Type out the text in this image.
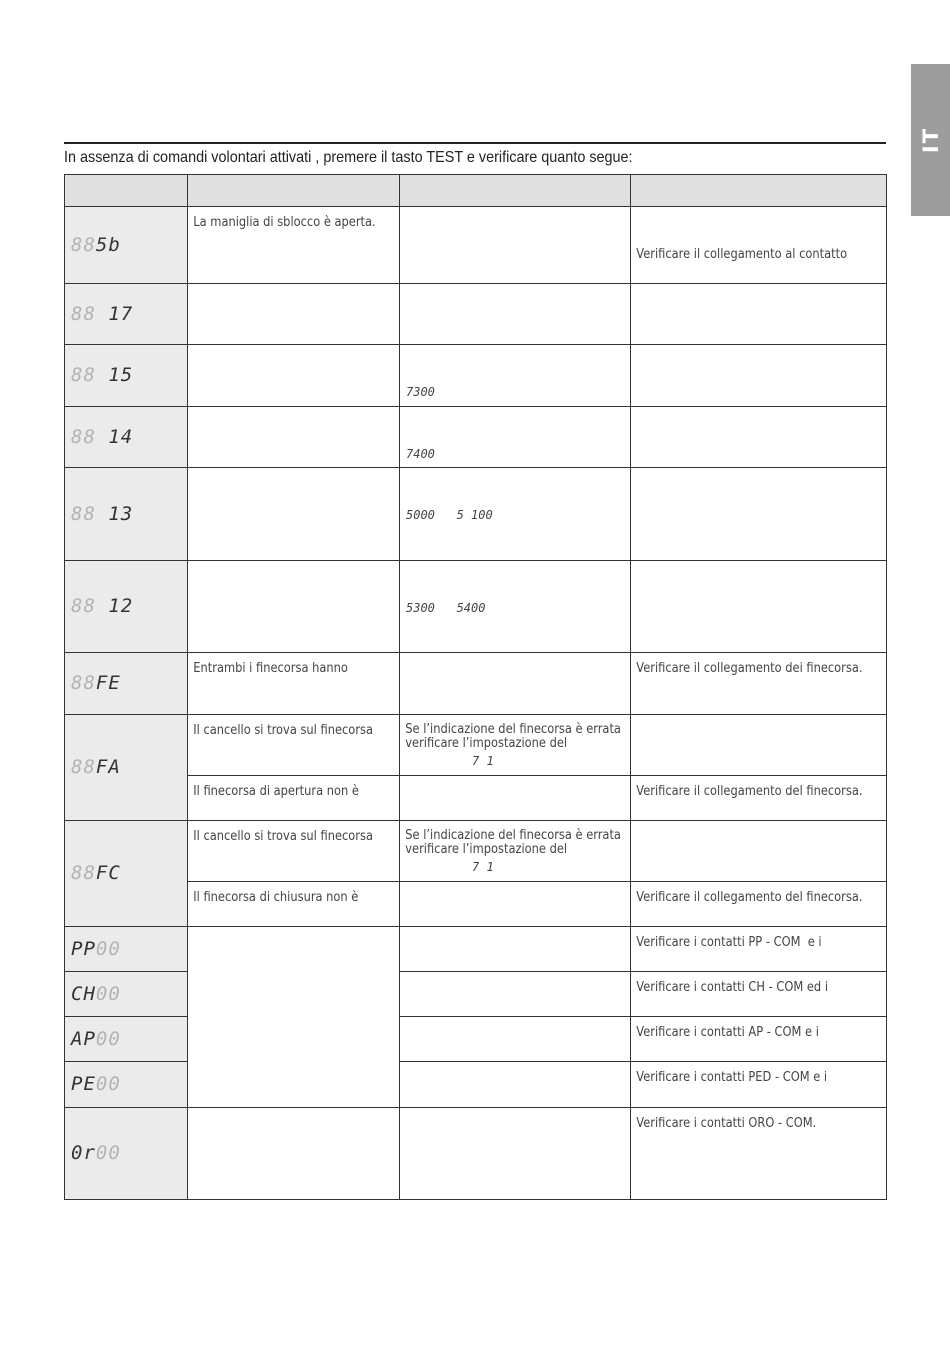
IT
In assenza di comandi volontari attivati , premere il tasto TEST e verificare quanto segue:

885b	La maniglia di sblocco è aperta.		Verificare il collegamento al contatto

88 17			
88 15		7300	

88 14		7400	

88 13		5000   5 100	

88 12		5300   5400	

88FE	Entrambi i finecorsa hanno		Verificare il collegamento dei finecorsa.

88FA	Il cancello si trova sul finecorsa	Se l’indicazione del finecorsa è errata verificare l’impostazione del
7 1	

	Il finecorsa di apertura non è		Verificare il collegamento del finecorsa.

88FC	Il cancello si trova sul finecorsa	Se l’indicazione del finecorsa è errata verificare l’impostazione del
7 1	

	Il finecorsa di chiusura non è		Verificare il collegamento del finecorsa.

PP00			Verificare i contatti PP - COM  e i

CH00			Verificare i contatti CH - COM ed i

AP00			Verificare i contatti AP - COM e i

PE00			Verificare i contatti PED - COM e i

0r00			Verificare i contatti ORO - COM.
